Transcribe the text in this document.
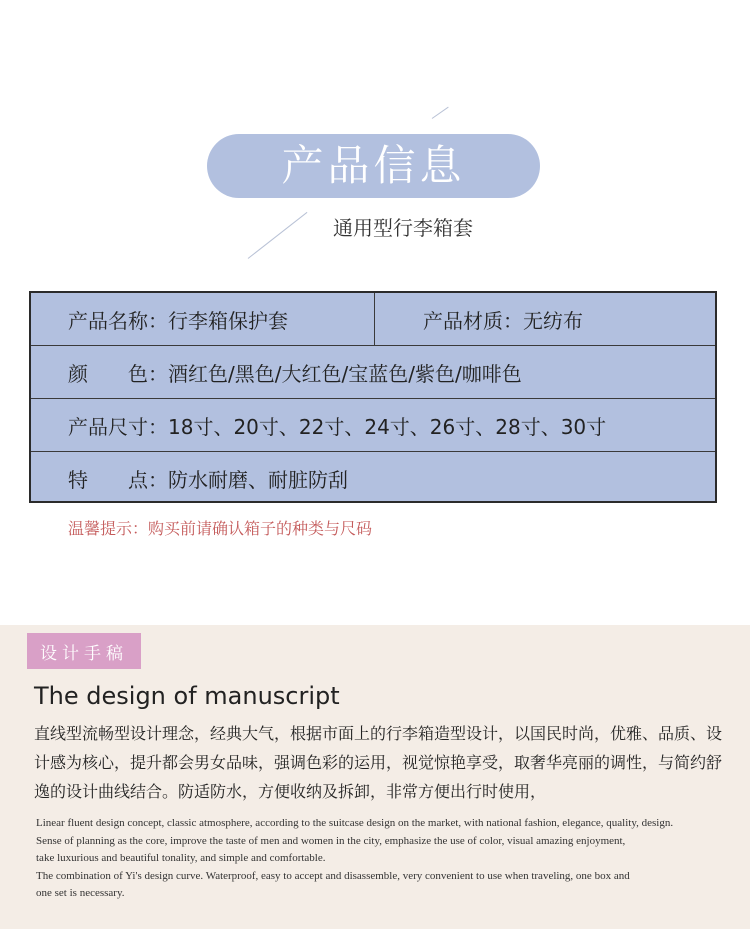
产品信息
通用型行李箱套
产品名称：行李箱保护套	产品材质：无纺布
颜　　色：酒红色/黑色/大红色/宝蓝色/紫色/咖啡色
产品尺寸：18寸、20寸、22寸、24寸、26寸、28寸、30寸
特　　点：防水耐磨、耐脏防刮
温馨提示：购买前请确认箱子的种类与尺码
设计手稿
The design of manuscript
直线型流畅型设计理念，经典大气，根据市面上的行李箱造型设计，以国民时尚，优雅、品质、设计感为核心，提升都会男女品味，强调色彩的运用，视觉惊艳享受，取奢华亮丽的调性，与简约舒逸的设计曲线结合。防适防水，方便收纳及拆卸，非常方便出行时使用，
Linear fluent design concept, classic atmosphere, according to the suitcase design on the market, with national fashion, elegance, quality, design.
Sense of planning as the core, improve the taste of men and women in the city, emphasize the use of color, visual amazing enjoyment,
take luxurious and beautiful tonality, and simple and comfortable.
The combination of Yi's design curve. Waterproof, easy to accept and disassemble, very convenient to use when traveling, one box and
one set is necessary.
